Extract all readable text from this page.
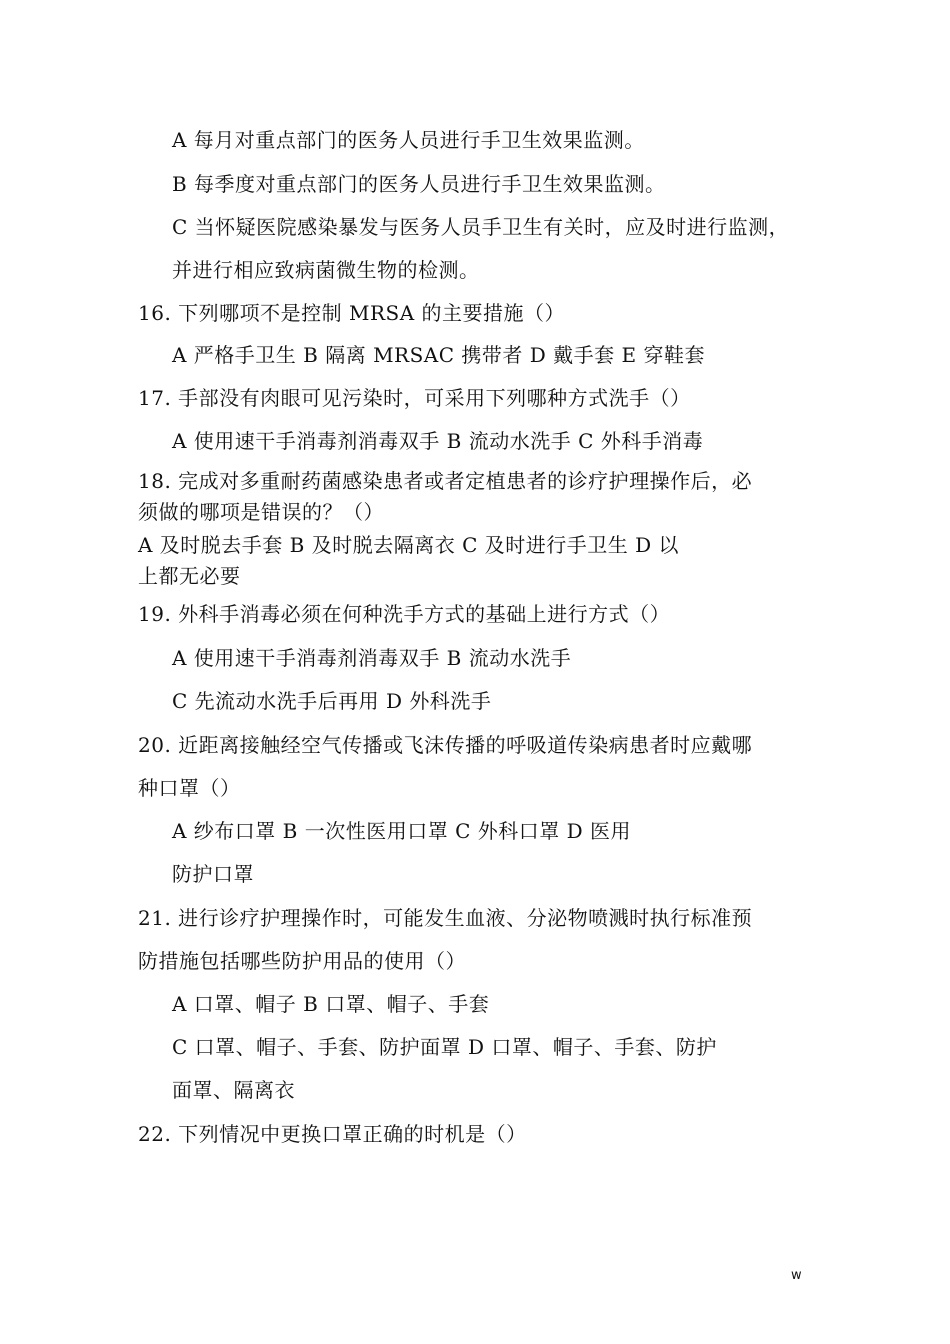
A 每月对重点部门的医务人员进行手卫生效果监测。
B 每季度对重点部门的医务人员进行手卫生效果监测。
C 当怀疑医院感染暴发与医务人员手卫生有关时，应及时进行监测，
并进行相应致病菌微生物的检测。
16. 下列哪项不是控制 MRSA 的主要措施（）
A 严格手卫生 B 隔离 MRSAC 携带者 D 戴手套 E 穿鞋套
17. 手部没有肉眼可见污染时，可采用下列哪种方式洗手（）
A 使用速干手消毒剂消毒双手 B 流动水洗手 C 外科手消毒
18. 完成对多重耐药菌感染患者或者定植患者的诊疗护理操作后，必
须做的哪项是错误的？（）
A 及时脱去手套 B 及时脱去隔离衣 C 及时进行手卫生 D 以
上都无必要
19. 外科手消毒必须在何种洗手方式的基础上进行方式（）
A 使用速干手消毒剂消毒双手 B 流动水洗手
C 先流动水洗手后再用 D 外科洗手
20. 近距离接触经空气传播或飞沫传播的呼吸道传染病患者时应戴哪
种口罩（）
A 纱布口罩 B 一次性医用口罩 C 外科口罩 D 医用
防护口罩
21. 进行诊疗护理操作时，可能发生血液、分泌物喷溅时执行标准预
防措施包括哪些防护用品的使用（）
A 口罩、帽子 B 口罩、帽子、手套
C 口罩、帽子、手套、防护面罩 D 口罩、帽子、手套、防护
面罩、隔离衣
22. 下列情况中更换口罩正确的时机是（）
w
